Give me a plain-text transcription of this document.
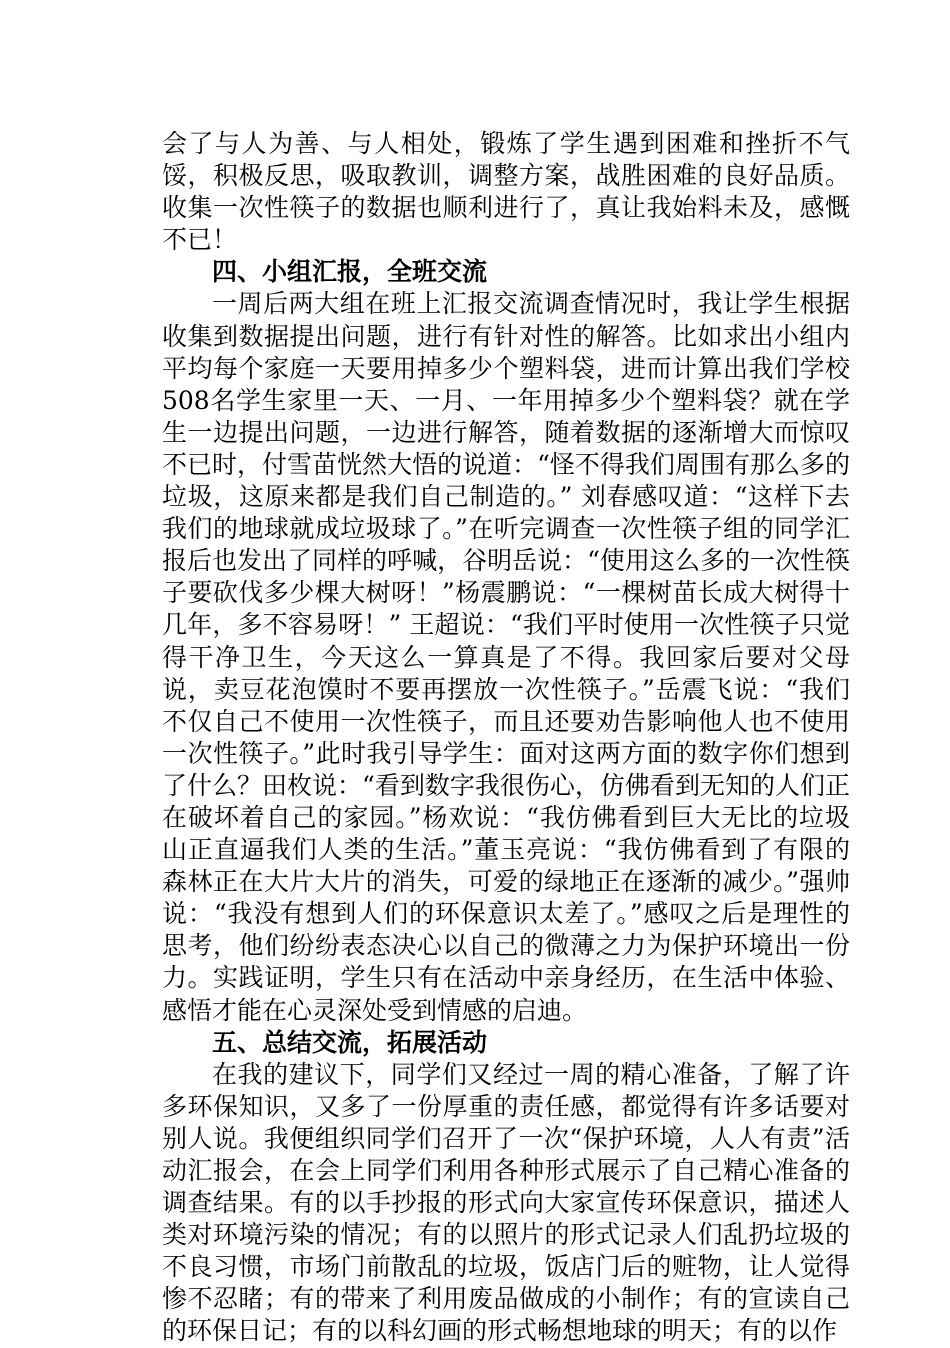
会了与人为善、与人相处，锻炼了学生遇到困难和挫折不气馁，积极反思，吸取教训，调整方案，战胜困难的良好品质。收集一次性筷子的数据也顺利进行了，真让我始料未及，感慨不已！

四、小组汇报，全班交流

一周后两大组在班上汇报交流调查情况时，我让学生根据收集到数据提出问题，进行有针对性的解答。比如求出小组内平均每个家庭一天要用掉多少个塑料袋，进而计算出我们学校508名学生家里一天、一月、一年用掉多少个塑料袋？就在学生一边提出问题，一边进行解答，随着数据的逐渐增大而惊叹不已时，付雪苗恍然大悟的说道：“怪不得我们周围有那么多的垃圾，这原来都是我们自己制造的。” 刘春感叹道：“这样下去我们的地球就成垃圾球了。”在听完调查一次性筷子组的同学汇报后也发出了同样的呼喊，谷明岳说：“使用这么多的一次性筷子要砍伐多少棵大树呀！”杨震鹏说：“一棵树苗长成大树得十几年，多不容易呀！” 王超说：“我们平时使用一次性筷子只觉得干净卫生，今天这么一算真是了不得。我回家后要对父母说，卖豆花泡馍时不要再摆放一次性筷子。”岳震飞说：“我们不仅自己不使用一次性筷子，而且还要劝告影响他人也不使用一次性筷子。”此时我引导学生：面对这两方面的数字你们想到了什么？田枚说：“看到数字我很伤心，仿佛看到无知的人们正在破坏着自己的家园。”杨欢说：“我仿佛看到巨大无比的垃圾山正直逼我们人类的生活。”董玉亮说：“我仿佛看到了有限的森林正在大片大片的消失，可爱的绿地正在逐渐的减少。”强帅说：“我没有想到人们的环保意识太差了。”感叹之后是理性的思考，他们纷纷表态决心以自己的微薄之力为保护环境出一份力。实践证明，学生只有在活动中亲身经历，在生活中体验、感悟才能在心灵深处受到情感的启迪。

五、总结交流，拓展活动

在我的建议下，同学们又经过一周的精心准备，了解了许多环保知识，又多了一份厚重的责任感，都觉得有许多话要对别人说。我便组织同学们召开了一次“保护环境，人人有责”活动汇报会，在会上同学们利用各种形式展示了自己精心准备的调查结果。有的以手抄报的形式向大家宣传环保意识，描述人类对环境污染的情况；有的以照片的形式记录人们乱扔垃圾的不良习惯，市场门前散乱的垃圾，饭店门后的赃物，让人觉得惨不忍睹；有的带来了利用废品做成的小制作；有的宣读自己的环保日记；有的以科幻画的形式畅想地球的明天；有的以作
